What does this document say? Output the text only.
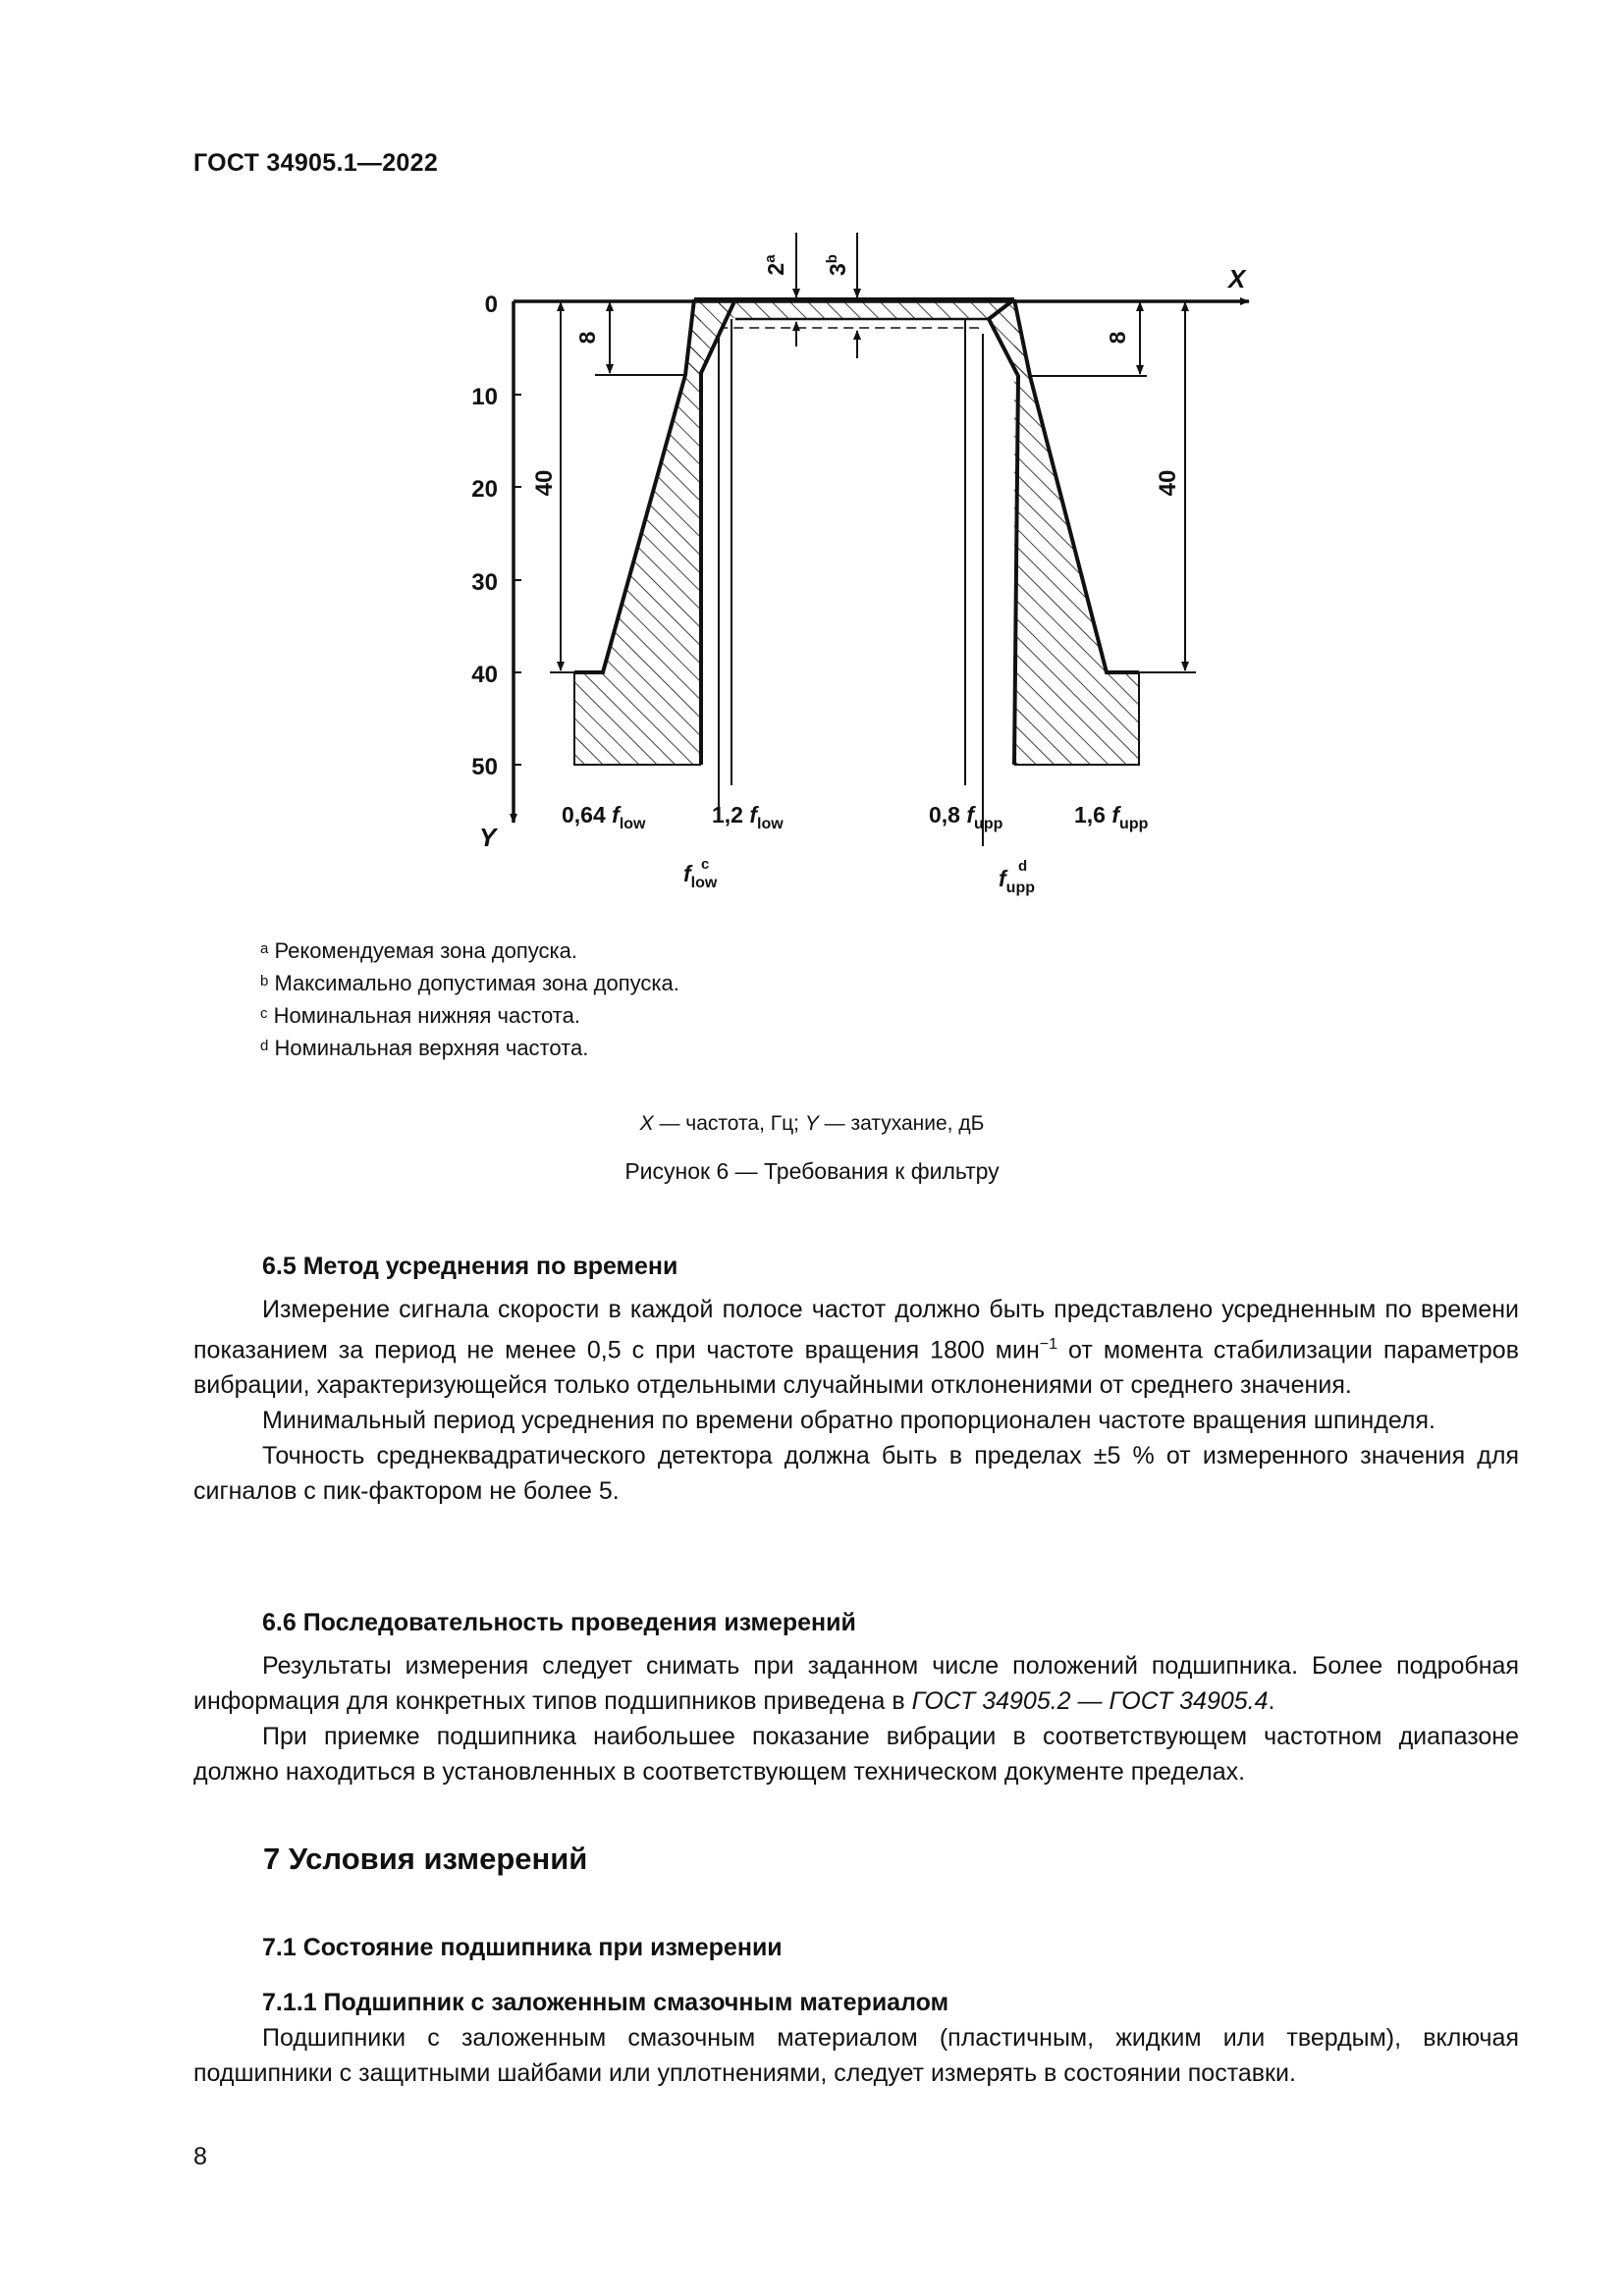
ГОСТ 34905.1—2022
X
Y
0
10
20
30
40
50
8
40
8
40
2$^a$
3$^b$
0,64 $f_{low}$	1,2 $f_{low}$	0,8 $f_{upp}$	1,6 $f_{upp}$
$f_{low}$
c
$f_{upp}$
d
$^a$ Рекомендуемая зона допуска.
$^b$ Максимально допустимая зона допуска.
$^c$ Номинальная нижняя частота.
$^d$ Номинальная верхняя частота.
X — частота, Гц; Y — затухание, дБ
Рисунок 6 — Требования к фильтру
6.5 Метод усреднения по времени
Измерение сигнала скорости в каждой полосе частот должно быть представлено усредненным по времени показанием за период не менее 0,5 с при частоте вращения 1800 мин$^{-1}$ от момента стабилизации параметров вибрации, характеризующейся только отдельными случайными отклонениями от среднего значения.
Минимальный период усреднения по времени обратно пропорционален частоте вращения шпинделя.
Точность среднеквадратического детектора должна быть в пределах ±5 % от измеренного значения для сигналов с пик-фактором не более 5.
6.6 Последовательность проведения измерений
Результаты измерения следует снимать при заданном числе положений подшипника. Более подробная информация для конкретных типов подшипников приведена в ГОСТ 34905.2 — ГОСТ 34905.4.
При приемке подшипника наибольшее показание вибрации в соответствующем частотном диапазоне должно находиться в установленных в соответствующем техническом документе пределах.
7 Условия измерений
7.1 Состояние подшипника при измерении
7.1.1 Подшипник с заложенным смазочным материалом
Подшипники с заложенным смазочным материалом (пластичным, жидким или твердым), включая подшипники с защитными шайбами или уплотнениями, следует измерять в состоянии поставки.
8
